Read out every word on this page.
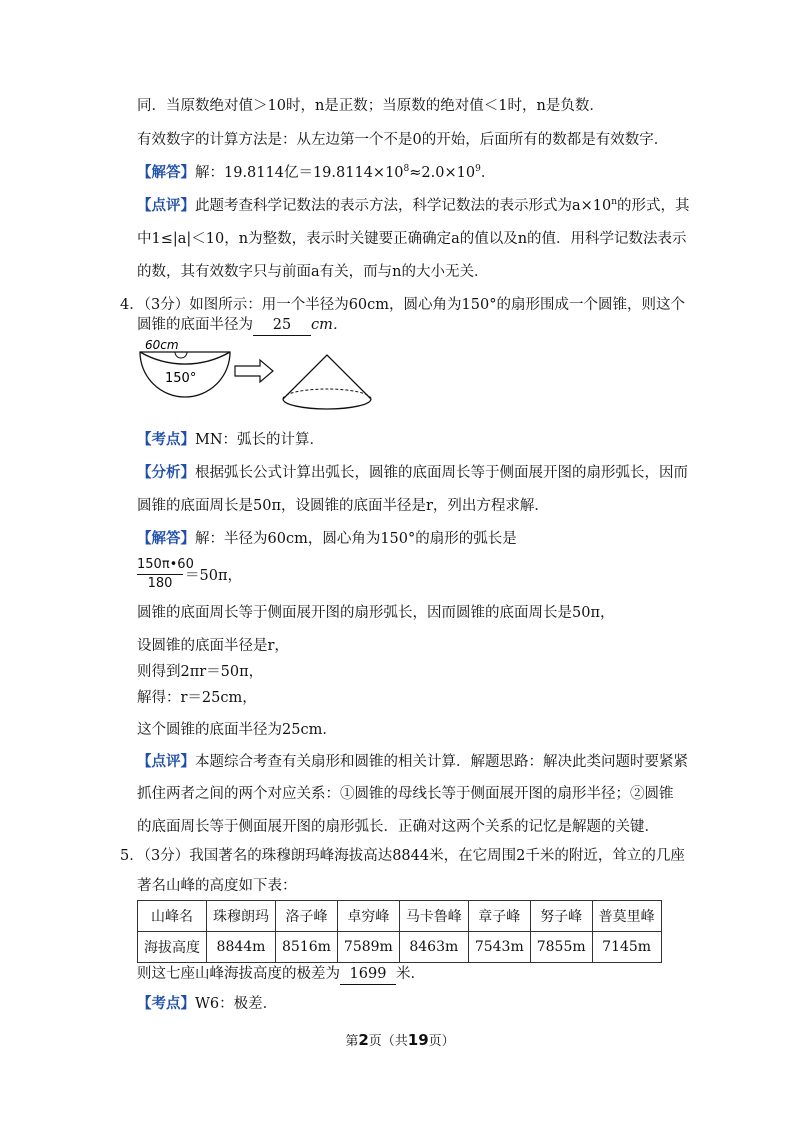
同．当原数绝对值＞10时，n是正数；当原数的绝对值＜1时，n是负数．
有效数字的计算方法是：从左边第一个不是0的开始，后面所有的数都是有效数字．
【解答】解：19.8114亿$=19.8114\times 10^8\approx 2.0\times 10^9$．
【点评】此题考查科学记数法的表示方法，科学记数法的表示形式为$a\times 10^n$的形式，其
中1≤|a|＜10，n为整数，表示时关键要正确确定a的值以及n的值．用科学记数法表示
的数，其有效数字只与前面a有关，而与n的大小无关．
4．（3分）如图所示：用一个半径为60cm，圆心角为150°的扇形围成一个圆锥，则这个
圆锥的底面半径为 25 cm．
60cm
150°
【考点】MN：弧长的计算．
【分析】根据弧长公式计算出弧长，圆锥的底面周长等于侧面展开图的扇形弧长，因而
圆锥的底面周长是50π，设圆锥的底面半径是r，列出方程求解．
【解答】解：半径为60cm，圆心角为150°的扇形的弧长是
150π•60
180 ＝50π，
圆锥的底面周长等于侧面展开图的扇形弧长，因而圆锥的底面周长是50π，
设圆锥的底面半径是r，
则得到2πr＝50π，
解得：r＝25cm，
这个圆锥的底面半径为25cm．
【点评】本题综合考查有关扇形和圆锥的相关计算．解题思路：解决此类问题时要紧紧
抓住两者之间的两个对应关系：①圆锥的母线长等于侧面展开图的扇形半径；②圆锥
的底面周长等于侧面展开图的扇形弧长．正确对这两个关系的记忆是解题的关键．
5．（3分）我国著名的珠穆朗玛峰海拔高达8844米，在它周围2千米的附近，耸立的几座
著名山峰的高度如下表：
山峰名	珠穆朗玛	洛子峰	卓穷峰	马卡鲁峰	章子峰	努子峰	普莫里峰
海拔高度	8844m	8516m	7589m	8463m	7543m	7855m	7145m
则这七座山峰海拔高度的极差为 1699 米．
【考点】W6：极差．
第2页（共19页）
